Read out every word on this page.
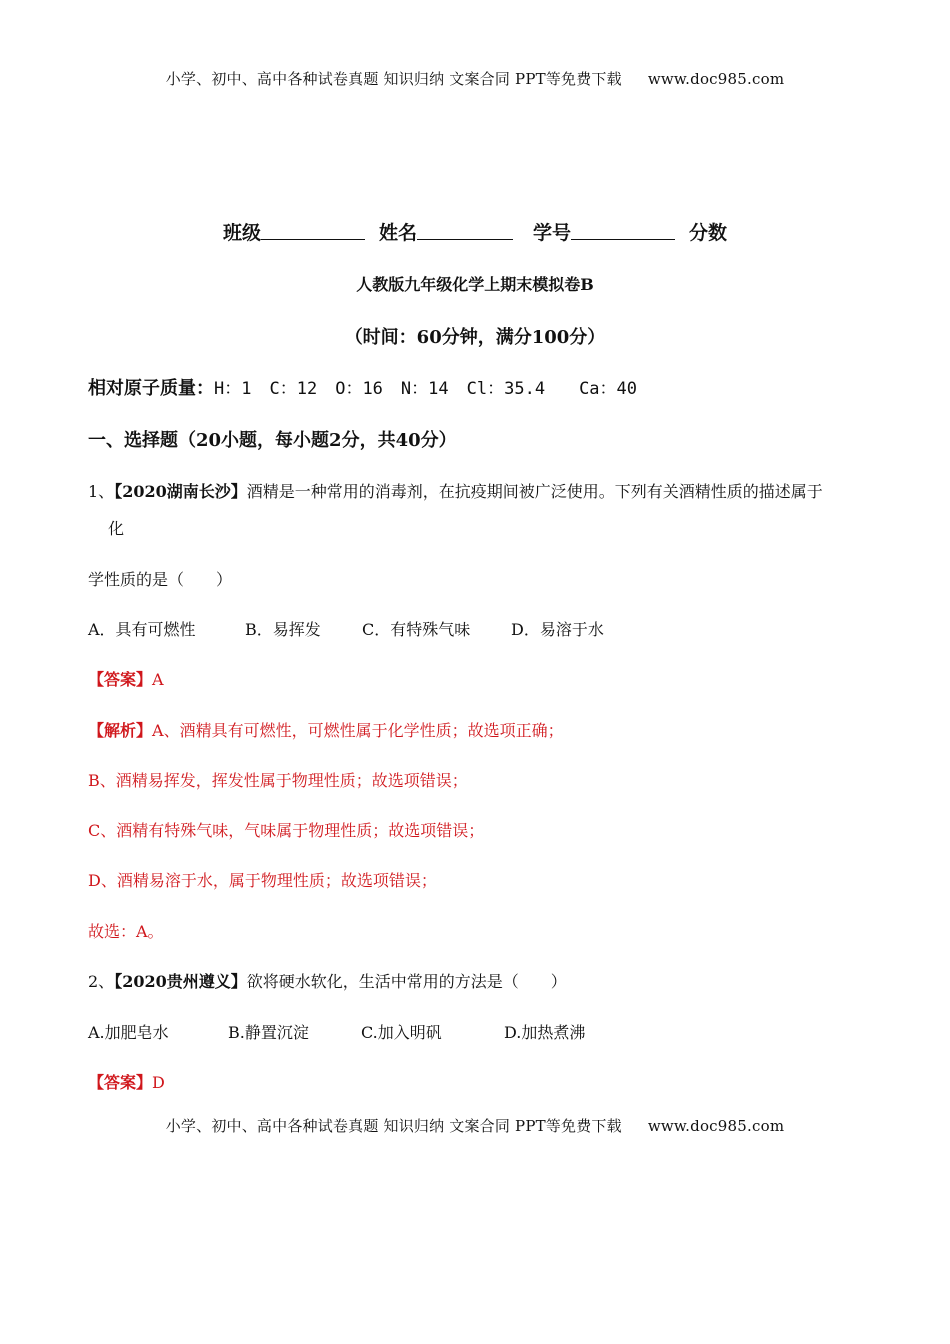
小学、初中、高中各种试卷真题 知识归纳 文案合同 PPT等免费下载 www.doc985.com
班级	姓名	学号	分数
人教版九年级化学上期末模拟卷B
（时间：60分钟，满分100分）
相对原子质量：H：1 C：12 O：16 N：14 Cl：35.4 Ca：40
一、选择题（20小题，每小题2分，共40分）
1、【2020湖南长沙】酒精是一种常用的消毒剂，在抗疫期间被广泛使用。下列有关酒精性质的描述属于
化
学性质的是（　　）
A．具有可燃性	B．易挥发	C．有特殊气味	D．易溶于水
【答案】A
【解析】A、酒精具有可燃性，可燃性属于化学性质；故选项正确；
B、酒精易挥发，挥发性属于物理性质；故选项错误；
C、酒精有特殊气味，气味属于物理性质；故选项错误；
D、酒精易溶于水，属于物理性质；故选项错误；
故选：A。
2、【2020贵州遵义】欲将硬水软化，生活中常用的方法是（　　）
A.加肥皂水	B.静置沉淀	C.加入明矾	D.加热煮沸
【答案】D
小学、初中、高中各种试卷真题 知识归纳 文案合同 PPT等免费下载 www.doc985.com
